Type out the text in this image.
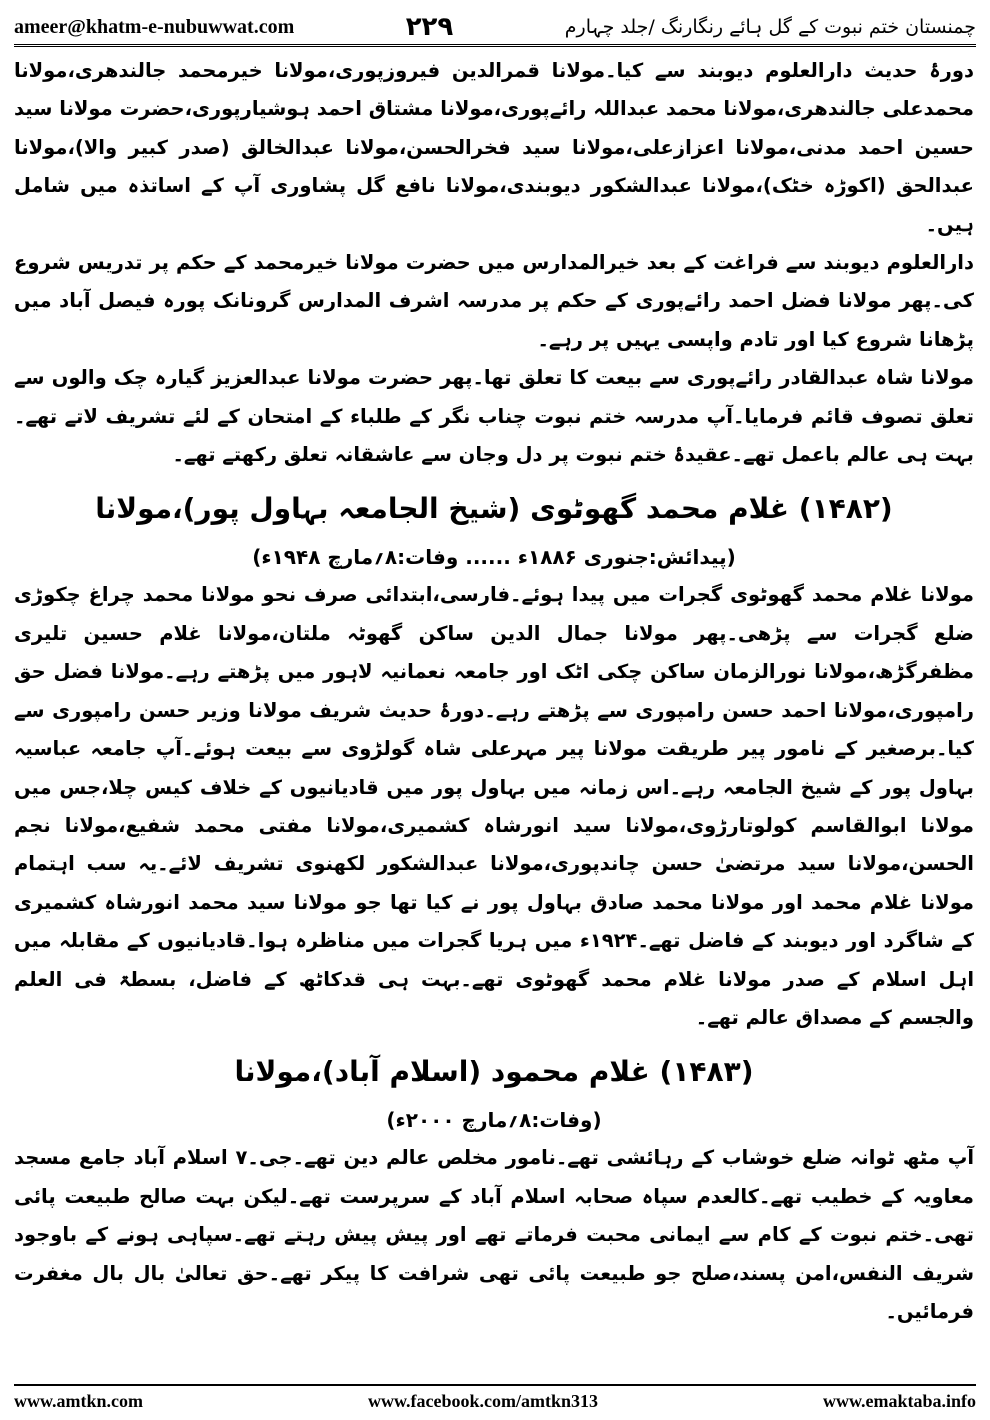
ameer@khatm-e-nubuwwat.com	۲۲۹	چمنستان ختم نبوت کے گل ہائے رنگارنگ /جلد چہارم

دورۂ حدیث دارالعلوم دیوبند سے کیا۔مولانا قمرالدین فیروزپوری،مولانا خیرمحمد جالندھری،مولانا محمدعلی جالندھری،مولانا محمد عبداللہ رائےپوری،مولانا مشتاق احمد ہوشیارپوری،حضرت مولانا سید حسین احمد مدنی،مولانا اعزازعلی،مولانا سید فخرالحسن،مولانا عبدالخالق (صدر کبیر والا)،مولانا عبدالحق (اکوڑہ خٹک)،مولانا عبدالشکور دیوبندی،مولانا نافع گل پشاوری آپ کے اساتذہ میں شامل ہیں۔

دارالعلوم دیوبند سے فراغت کے بعد خیرالمدارس میں حضرت مولانا خیرمحمد کے حکم پر تدریس شروع کی۔پھر مولانا فضل احمد رائےپوری کے حکم پر مدرسہ اشرف المدارس گرونانک پورہ فیصل آباد میں پڑھانا شروع کیا اور تادم واپسی یہیں پر رہے۔

مولانا شاہ عبدالقادر رائےپوری سے بیعت کا تعلق تھا۔پھر حضرت مولانا عبدالعزیز گیارہ چک والوں سے تعلق تصوف قائم فرمایا۔آپ مدرسہ ختم نبوت چناب نگر کے طلباء کے امتحان کے لئے تشریف لاتے تھے۔بہت ہی عالم باعمل تھے۔عقیدۂ ختم نبوت پر دل وجان سے عاشقانہ تعلق رکھتے تھے۔

(۱۴۸۲) غلام محمد گھوٹوی (شیخ الجامعہ بہاول پور)،مولانا

(پیدائش:جنوری ۱۸۸۶ء ...... وفات:۸؍مارچ ۱۹۴۸ء)

مولانا غلام محمد گھوٹوی گجرات میں پیدا ہوئے۔فارسی،ابتدائی صرف نحو مولانا محمد چراغ چکوڑی ضلع گجرات سے پڑھی۔پھر مولانا جمال الدین ساکن گھوٹہ ملتان،مولانا غلام حسین تلیری مظفرگڑھ،مولانا نورالزمان ساکن چکی اٹک اور جامعہ نعمانیہ لاہور میں پڑھتے رہے۔مولانا فضل حق رامپوری،مولانا احمد حسن رامپوری سے پڑھتے رہے۔دورۂ حدیث شریف مولانا وزیر حسن رامپوری سے کیا۔برصغیر کے نامور پیر طریقت مولانا پیر مہرعلی شاہ گولڑوی سے بیعت ہوئے۔آپ جامعہ عباسیہ بہاول پور کے شیخ الجامعہ رہے۔اس زمانہ میں بہاول پور میں قادیانیوں کے خلاف کیس چلا،جس میں مولانا ابوالقاسم کولوتارڑوی،مولانا سید انورشاہ کشمیری،مولانا مفتی محمد شفیع،مولانا نجم الحسن،مولانا سید مرتضیٰ حسن چاندپوری،مولانا عبدالشکور لکھنوی تشریف لائے۔یہ سب اہتمام مولانا غلام محمد اور مولانا محمد صادق بہاول پور نے کیا تھا جو مولانا سید محمد انورشاہ کشمیری کے شاگرد اور دیوبند کے فاضل تھے۔۱۹۲۴ء میں ہریا گجرات میں مناظرہ ہوا۔قادیانیوں کے مقابلہ میں اہل اسلام کے صدر مولانا غلام محمد گھوٹوی تھے۔بہت ہی قدکاٹھ کے فاضل، بسطۃ فی العلم والجسم کے مصداق عالم تھے۔

(۱۴۸۳) غلام محمود (اسلام آباد)،مولانا

(وفات:۸؍مارچ ۲۰۰۰ء)

آپ مٹھ ٹوانہ ضلع خوشاب کے رہائشی تھے۔نامور مخلص عالم دین تھے۔جی۔۷ اسلام آباد جامع مسجد معاویہ کے خطیب تھے۔کالعدم سپاہ صحابہ اسلام آباد کے سرپرست تھے۔لیکن بہت صالح طبیعت پائی تھی۔ختم نبوت کے کام سے ایمانی محبت فرماتے تھے اور پیش پیش رہتے تھے۔سپاہی ہونے کے باوجود شریف النفس،امن پسند،صلح جو طبیعت پائی تھی شرافت کا پیکر تھے۔حق تعالیٰ بال بال مغفرت فرمائیں۔

www.amtkn.com	www.facebook.com/amtkn313	www.emaktaba.info
